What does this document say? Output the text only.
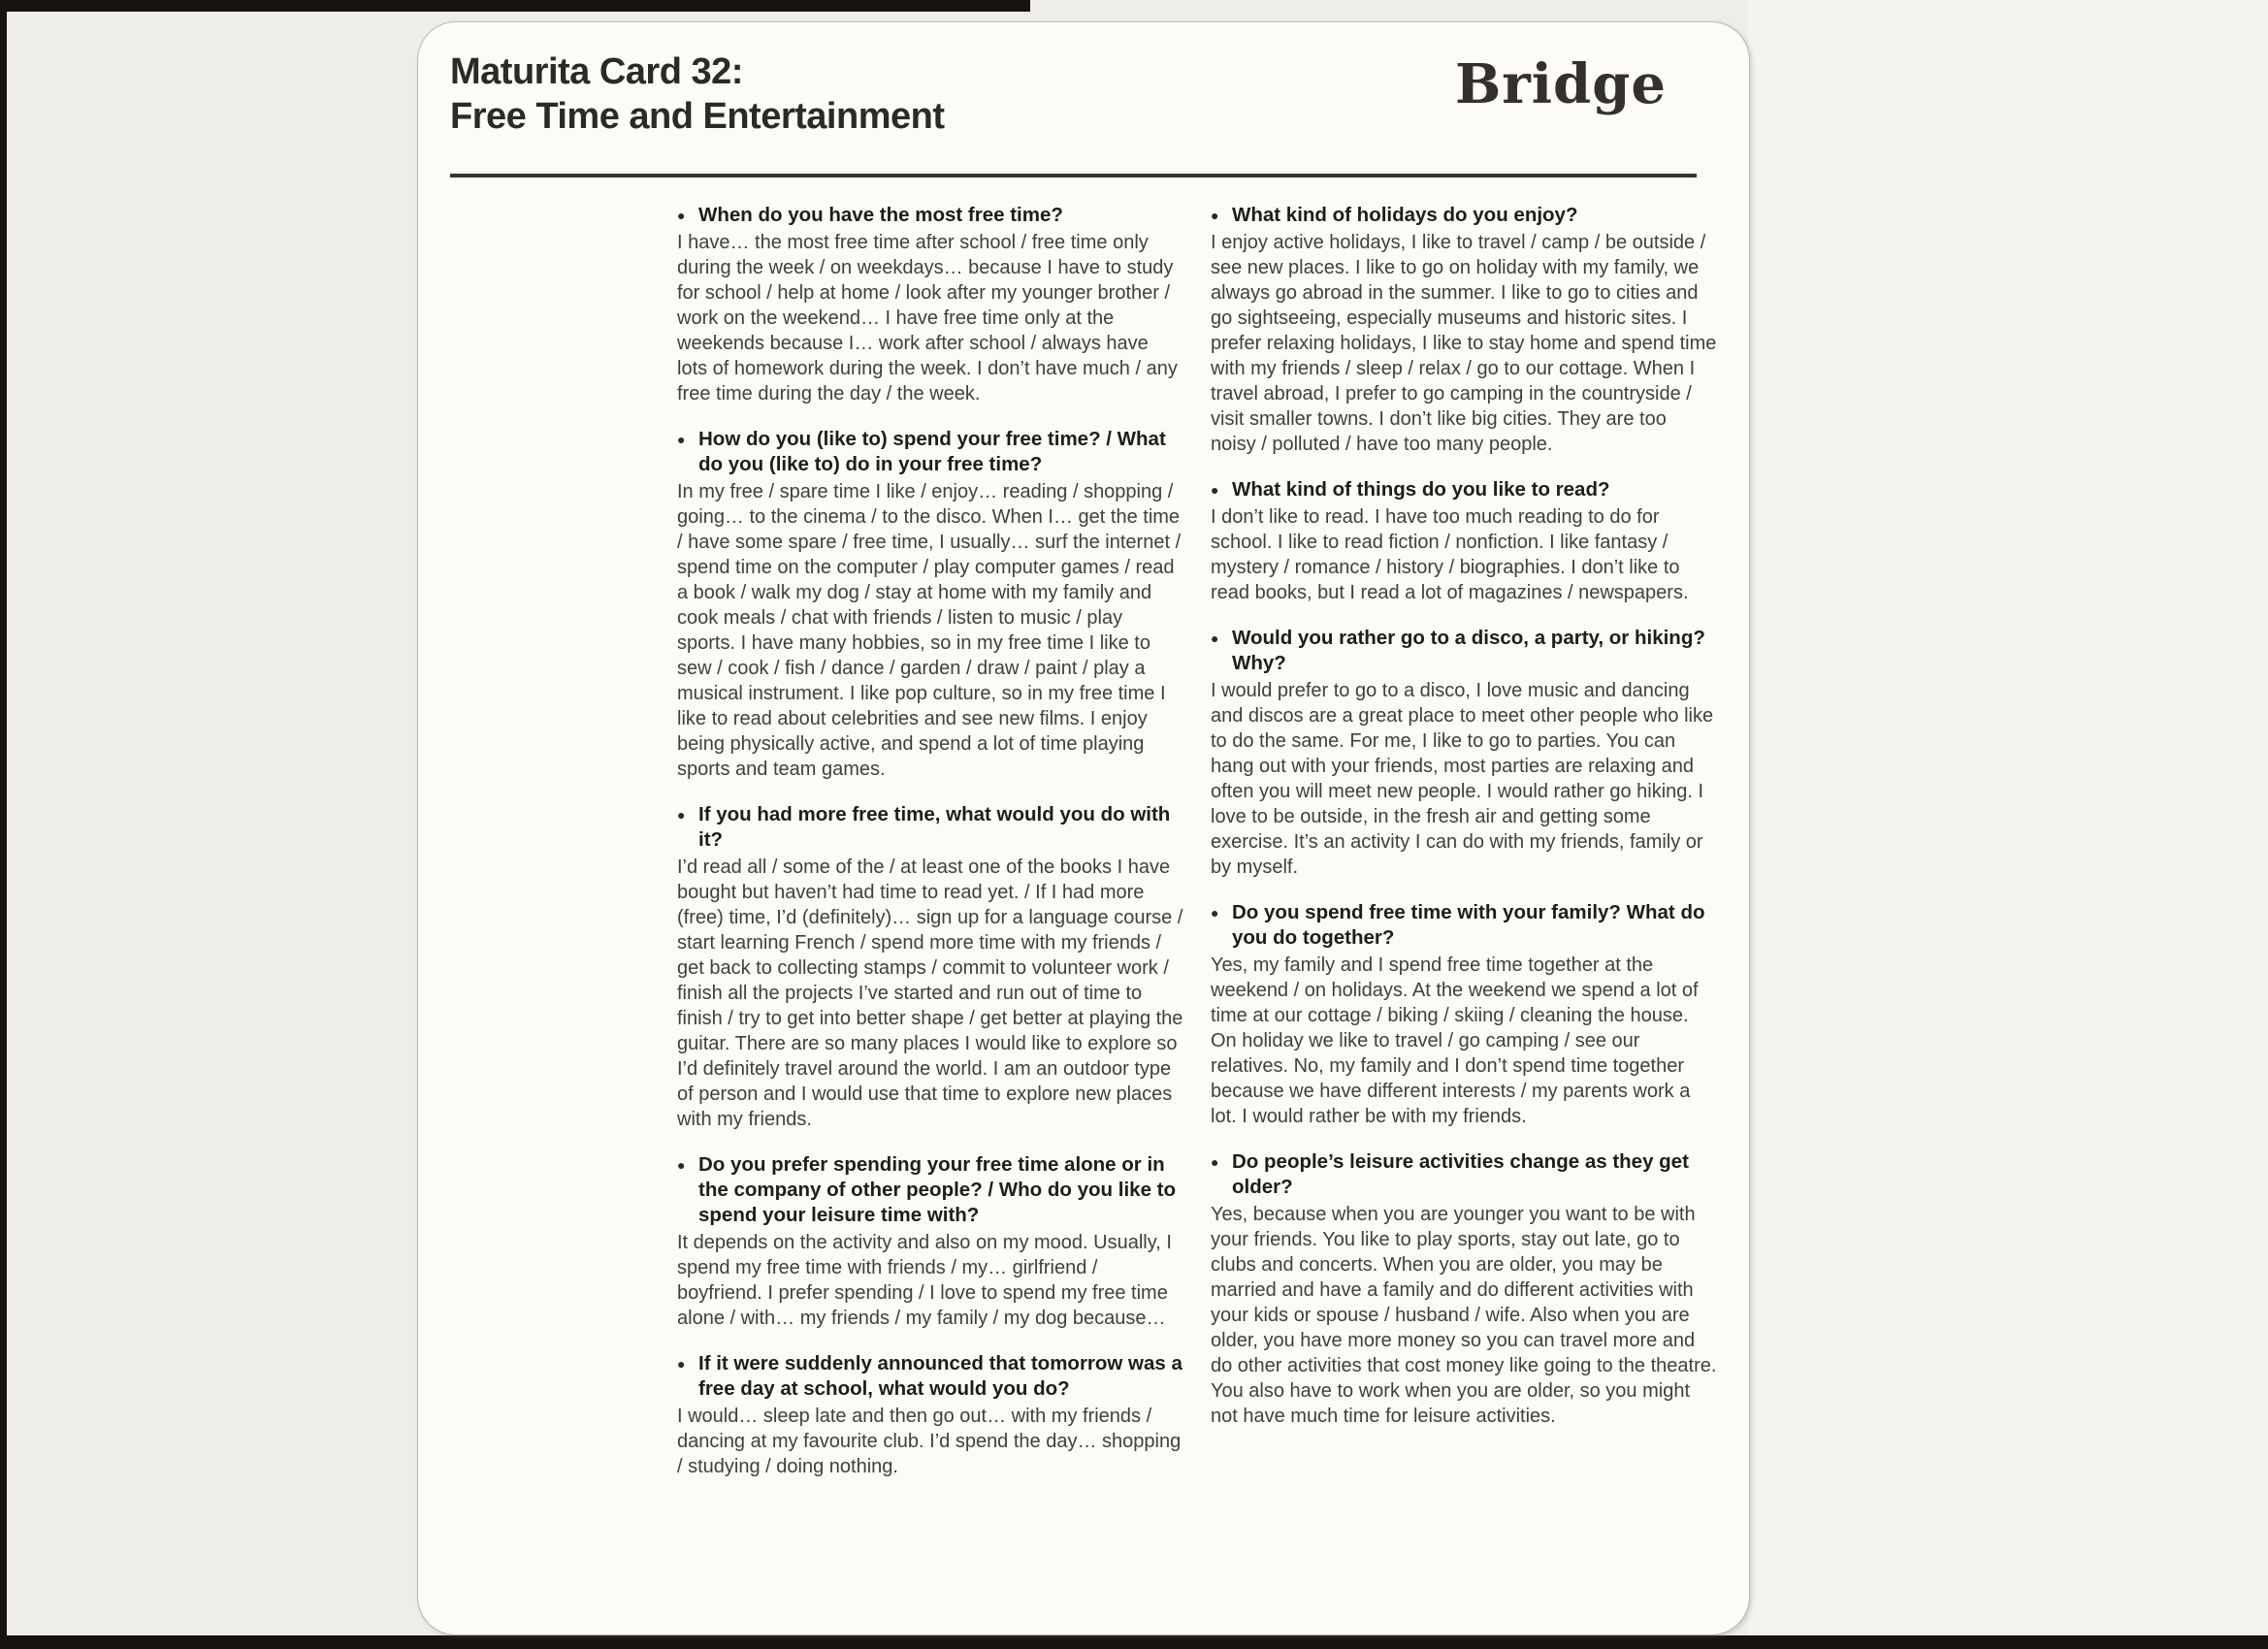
Maturita Card 32:
Free Time and Entertainment	Bridge
● When do you have the most free time?
I have… the most free time after school / free time only during the week / on weekdays… because I have to study for school / help at home / look after my younger brother / work on the weekend… I have free time only at the weekends because I… work after school / always have lots of homework during the week. I don’t have much / any free time during the day / the week.
● How do you (like to) spend your free time? / What do you (like to) do in your free time?
In my free / spare time I like / enjoy… reading / shopping / going… to the cinema / to the disco. When I… get the time / have some spare / free time, I usually… surf the internet / spend time on the computer / play computer games / read a book / walk my dog / stay at home with my family and cook meals / chat with friends / listen to music / play sports. I have many hobbies, so in my free time I like to sew / cook / fish / dance / garden / draw / paint / play a musical instrument. I like pop culture, so in my free time I like to read about celebrities and see new films. I enjoy being physically active, and spend a lot of time playing sports and team games.
● If you had more free time, what would you do with it?
I’d read all / some of the / at least one of the books I have bought but haven’t had time to read yet. / If I had more (free) time, I’d (definitely)… sign up for a language course / start learning French / spend more time with my friends / get back to collecting stamps / commit to volunteer work / finish all the projects I’ve started and run out of time to finish / try to get into better shape / get better at playing the guitar. There are so many places I would like to explore so I’d definitely travel around the world. I am an outdoor type of person and I would use that time to explore new places with my friends.
● Do you prefer spending your free time alone or in the company of other people? / Who do you like to spend your leisure time with?
It depends on the activity and also on my mood. Usually, I spend my free time with friends / my… girlfriend / boyfriend. I prefer spending / I love to spend my free time alone / with… my friends / my family / my dog because…
● If it were suddenly announced that tomorrow was a free day at school, what would you do?
I would… sleep late and then go out… with my friends / dancing at my favourite club. I’d spend the day… shopping / studying / doing nothing.
● What kind of holidays do you enjoy?
I enjoy active holidays, I like to travel / camp / be outside / see new places. I like to go on holiday with my family, we always go abroad in the summer. I like to go to cities and go sightseeing, especially museums and historic sites. I prefer relaxing holidays, I like to stay home and spend time with my friends / sleep / relax / go to our cottage. When I travel abroad, I prefer to go camping in the countryside / visit smaller towns. I don’t like big cities. They are too noisy / polluted / have too many people.
● What kind of things do you like to read?
I don’t like to read. I have too much reading to do for school. I like to read fiction / nonfiction. I like fantasy / mystery / romance / history / biographies. I don’t like to read books, but I read a lot of magazines / newspapers.
● Would you rather go to a disco, a party, or hiking? Why?
I would prefer to go to a disco, I love music and dancing and discos are a great place to meet other people who like to do the same. For me, I like to go to parties. You can hang out with your friends, most parties are relaxing and often you will meet new people. I would rather go hiking. I love to be outside, in the fresh air and getting some exercise. It’s an activity I can do with my friends, family or by myself.
● Do you spend free time with your family? What do you do together?
Yes, my family and I spend free time together at the weekend / on holidays. At the weekend we spend a lot of time at our cottage / biking / skiing / cleaning the house. On holiday we like to travel / go camping / see our relatives. No, my family and I don’t spend time together because we have different interests / my parents work a lot. I would rather be with my friends.
● Do people’s leisure activities change as they get older?
Yes, because when you are younger you want to be with your friends. You like to play sports, stay out late, go to clubs and concerts. When you are older, you may be married and have a family and do different activities with your kids or spouse / husband / wife. Also when you are older, you have more money so you can travel more and do other activities that cost money like going to the theatre. You also have to work when you are older, so you might not have much time for leisure activities.
